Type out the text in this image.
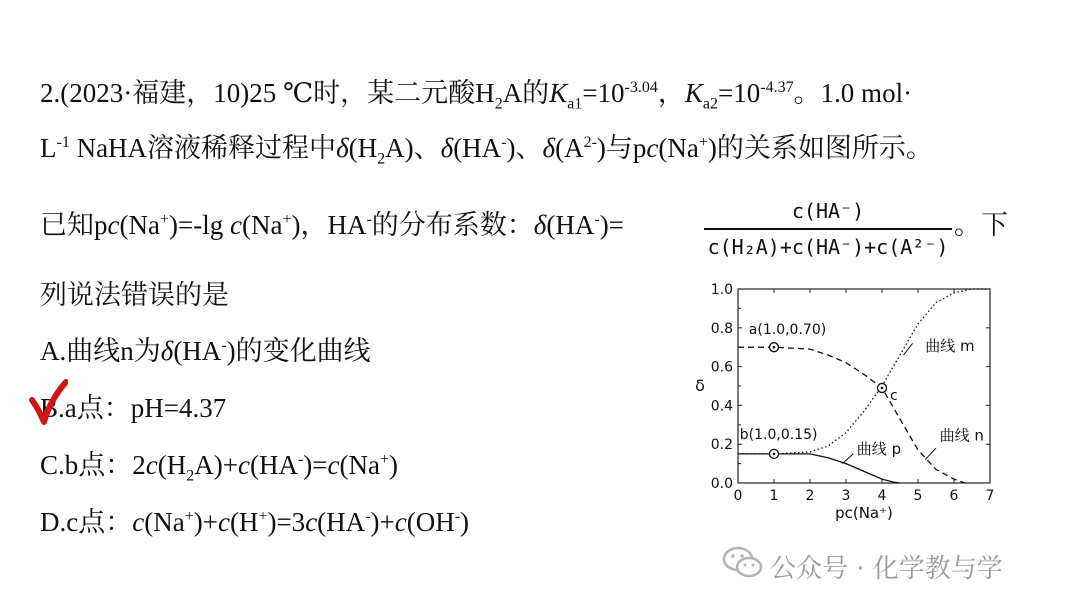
2.(2023·福建，10)25 ℃时，某二元酸$H_2A$的$K_{a1}=10^{-3.04}$，$K_{a2}=10^{-4.37}$。1.0 mol·
$L^{-1}$ NaHA溶液稀释过程中$\delta(H_2A)$、δ(HA-)、$\delta(A^{2-})$与pc(Na+)的关系如图所示。
已知pc(Na+)=-lg c(Na+)，HA-的分布系数：δ(HA-)=	c(HA⁻)
c(H₂A)+c(HA⁻)+c(A²⁻)
。下
列说法错误的是
A.曲线n为δ(HA-)的变化曲线
B.a点：pH=4.37
C.b点：$2c(H_2A)+c(HA^-)=c(Na^+)$
D.c点：c(Na+)+c(H+)=3c(HA-)+c(OH-)
0 1 2 3 4 5 6 7
0.0
0.2
0.4
0.6
0.8
1.0
pc(Na⁺)
δ
曲线 m
曲线 n
曲线 p
a(1.0,0.70)
b(1.0,0.15)
c
公众号 · 化学教与学
